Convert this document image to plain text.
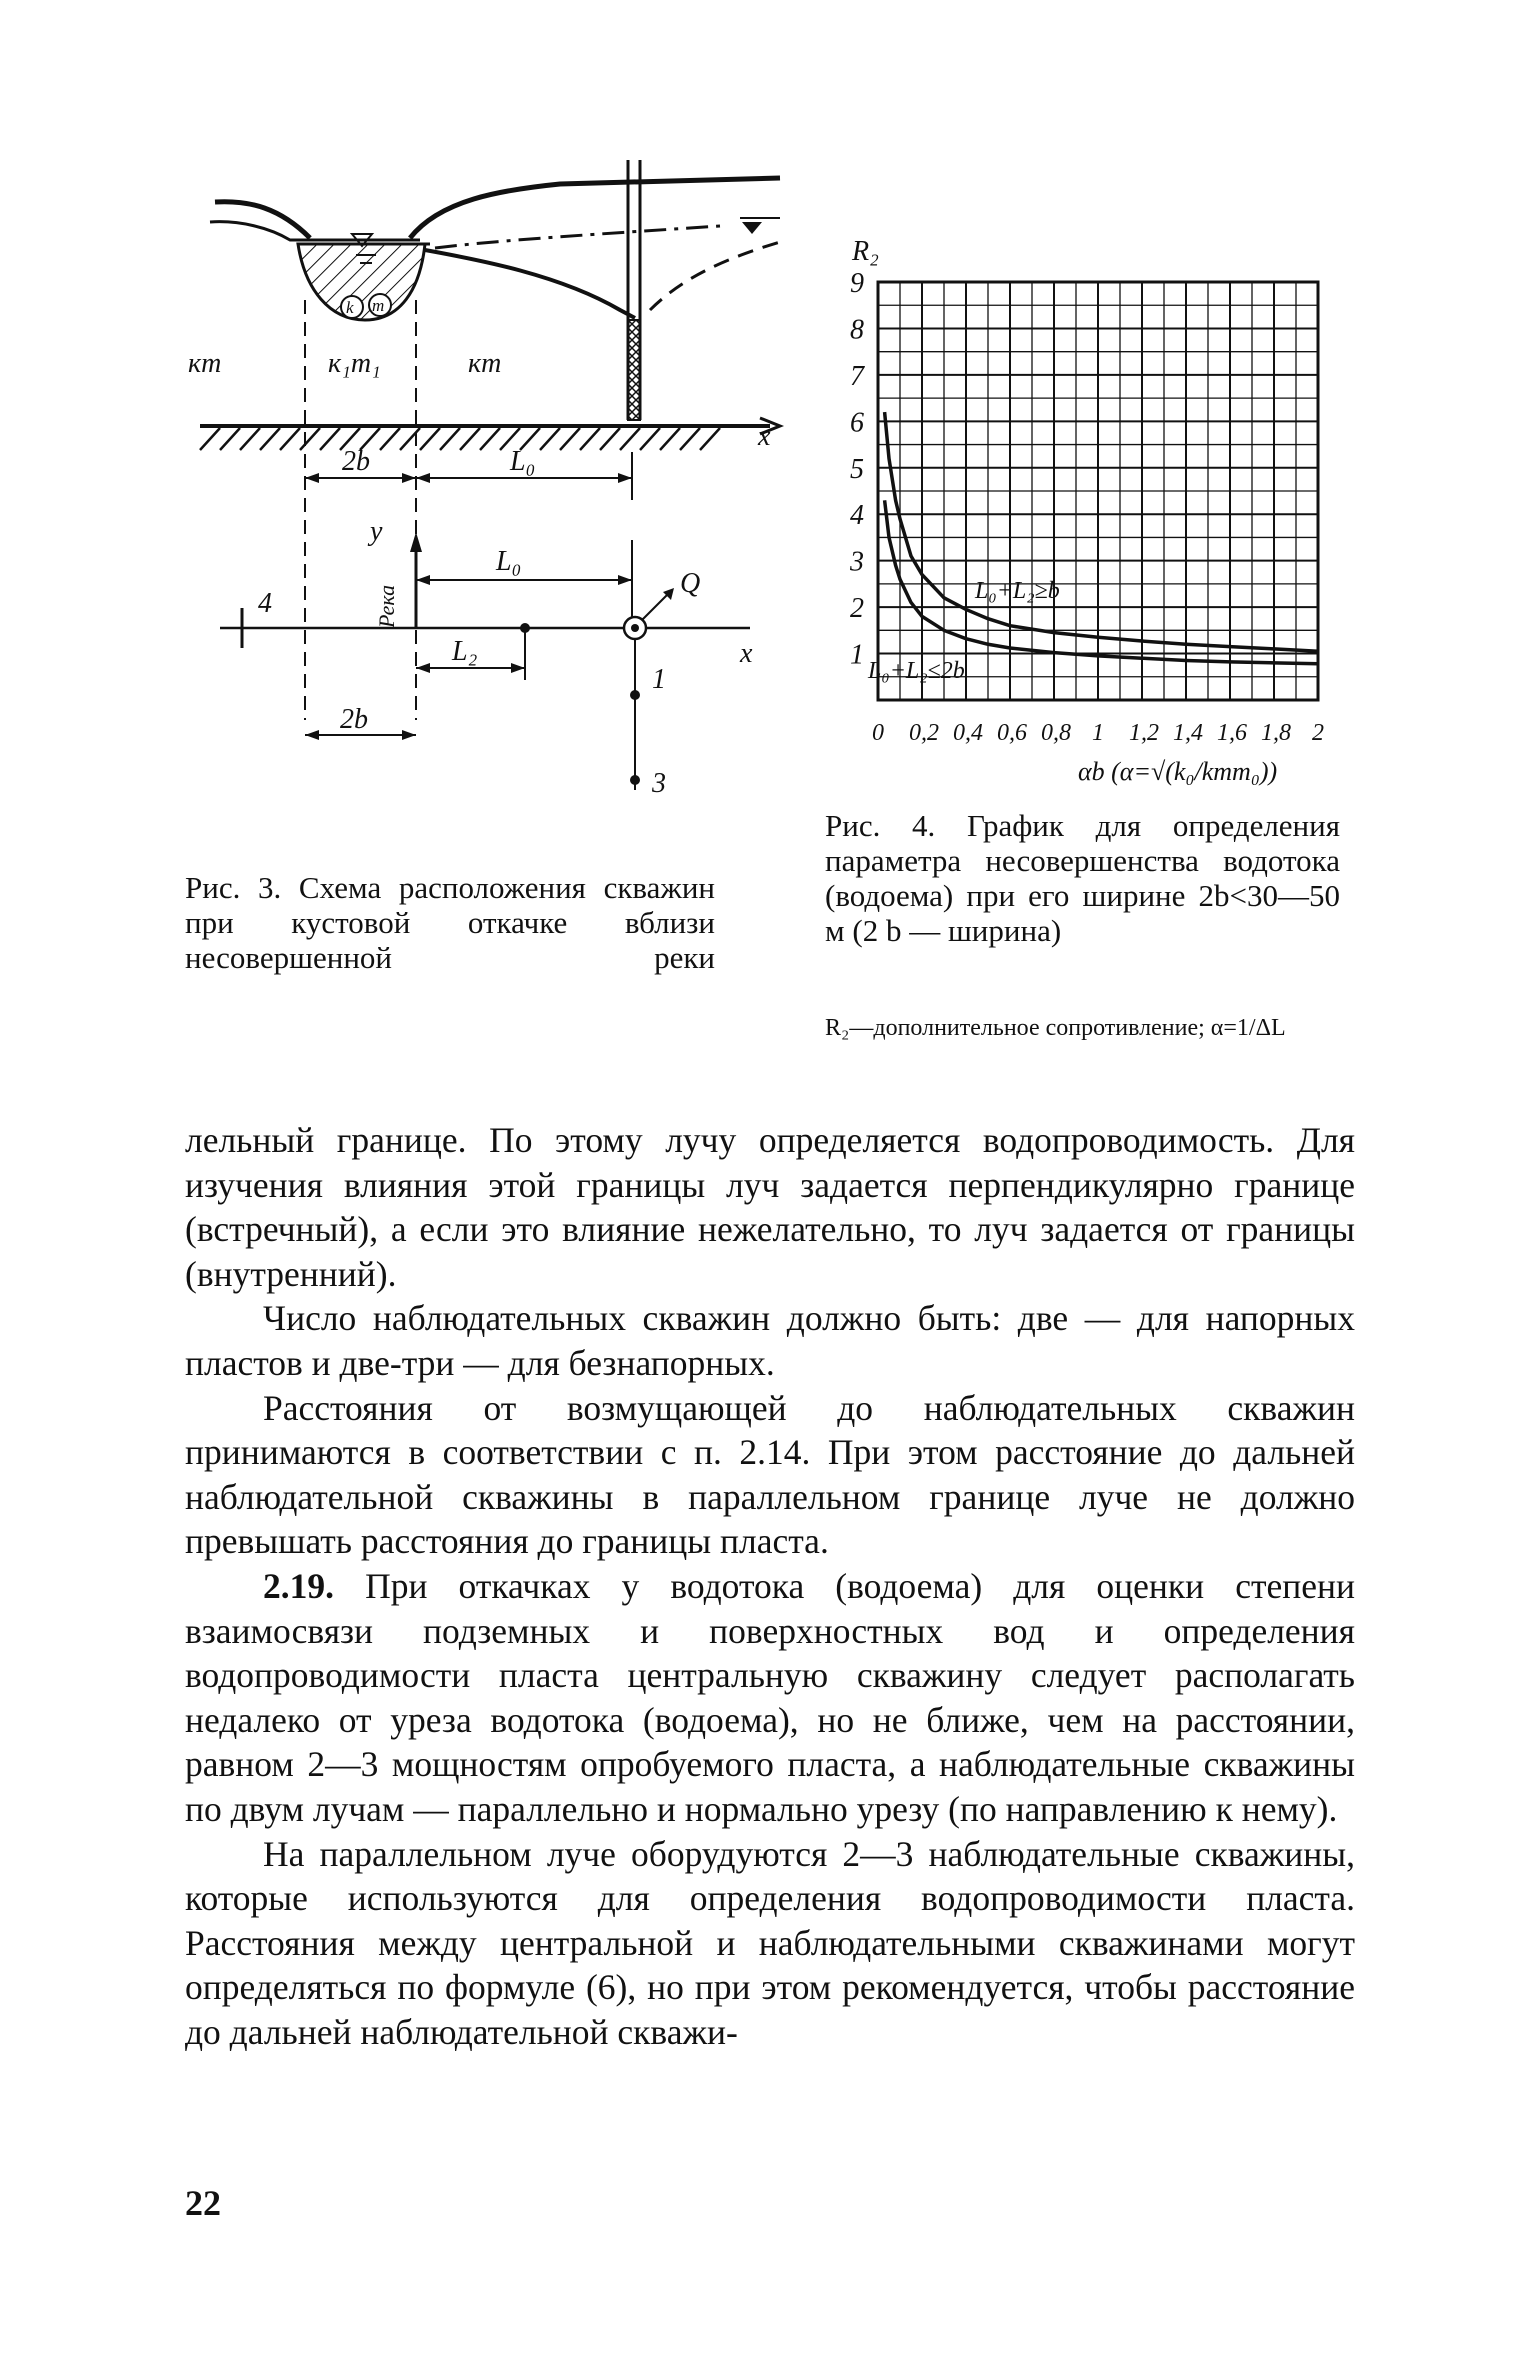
k m
x
кm	к₁m₁	кm
2b	L₀
4
x
y
Река
L₀
Q
L₂
1
3
2b
Рис. 3. Схема расположения скважин при кустовой откачке вблизи несовершенной реки
1
2
3
4
5
6
7
8
9
0 0,2 0,4 0,6 0,8 1 1,2 1,4 1,6 1,8 2
R₂
αb (α=√(k₀/kmm₀))
L₀+L₂≥b
L₀+L₂≤2b
Рис. 4. График для определения параметра несовершенства водотока (водоема) при его ширине 2b<30—50 м (2 b — ширина)
R₂—дополнительное сопротивление; α=1/ΔL

лельный границе. По этому лучу определяется водопроводимость. Для изучения влияния этой границы луч задается перпендикулярно границе (встречный), а если это влияние нежелательно, то луч задается от границы (внутренний).

Число наблюдательных скважин должно быть: две — для напорных пластов и две-три — для безнапорных.

Расстояния от возмущающей до наблюдательных скважин принимаются в соответствии с п. 2.14. При этом расстояние до дальней наблюдательной скважины в параллельном границе луче не должно превышать расстояния до границы пласта.

2.19. При откачках у водотока (водоема) для оценки степени взаимосвязи подземных и поверхностных вод и определения водопроводимости пласта центральную скважину следует располагать недалеко от уреза водотока (водоема), но не ближе, чем на расстоянии, равном 2—3 мощностям опробуемого пласта, а наблюдательные скважины по двум лучам — параллельно и нормально урезу (по направлению к нему).

На параллельном луче оборудуются 2—3 наблюдательные скважины, которые используются для определения водопроводимости пласта. Расстояния между центральной и наблюдательными скважинами могут определяться по формуле (6), но при этом рекомендуется, чтобы расстояние до дальней наблюдательной скважи-

22
